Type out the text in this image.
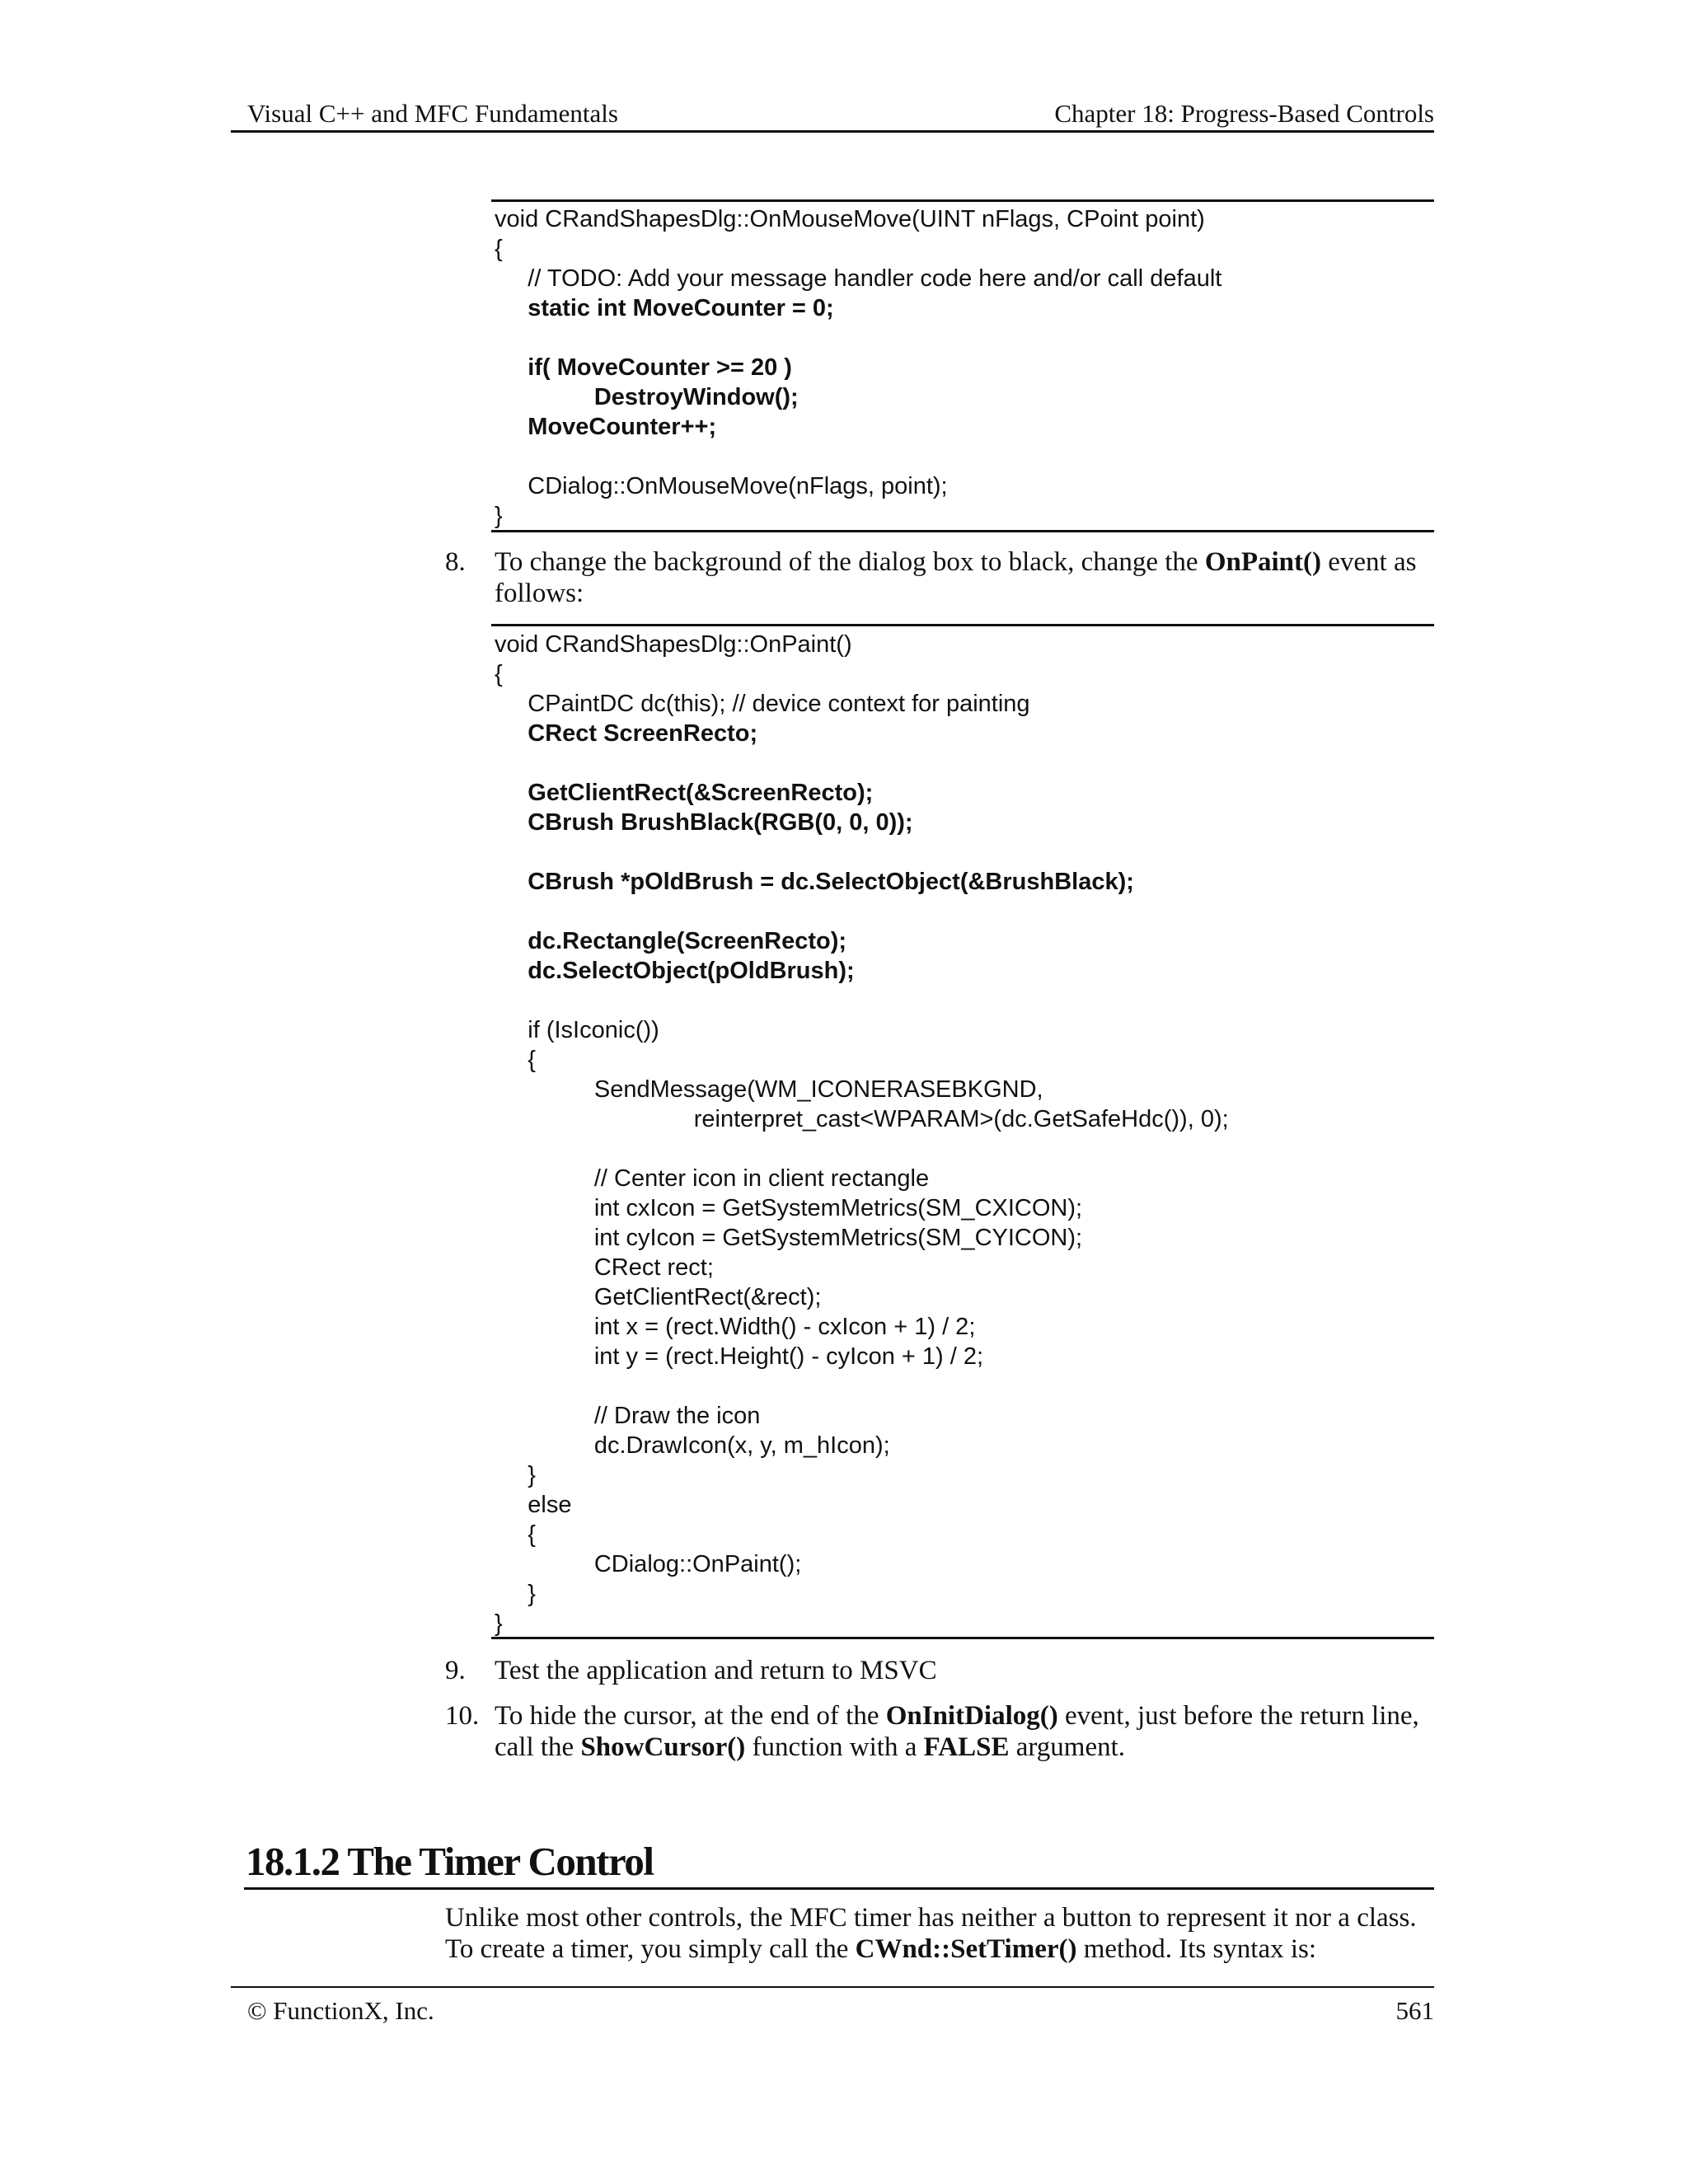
Visual C++ and MFC Fundamentals	Chapter 18: Progress-Based Controls
void CRandShapesDlg::OnMouseMove(UINT nFlags, CPoint point)
{
// TODO: Add your message handler code here and/or call default
static int MoveCounter = 0;

if( MoveCounter >= 20 )
DestroyWindow();
MoveCounter++;

CDialog::OnMouseMove(nFlags, point);
}
8. To change the background of the dialog box to black, change the OnPaint() event as follows:
void CRandShapesDlg::OnPaint()
{
CPaintDC dc(this); // device context for painting
CRect ScreenRecto;

GetClientRect(&ScreenRecto);
CBrush BrushBlack(RGB(0, 0, 0));

CBrush *pOldBrush = dc.SelectObject(&BrushBlack);

dc.Rectangle(ScreenRecto);
dc.SelectObject(pOldBrush);

if (IsIconic())
{
SendMessage(WM_ICONERASEBKGND,
reinterpret_cast<WPARAM>(dc.GetSafeHdc()), 0);

// Center icon in client rectangle
int cxIcon = GetSystemMetrics(SM_CXICON);
int cyIcon = GetSystemMetrics(SM_CYICON);
CRect rect;
GetClientRect(&rect);
int x = (rect.Width() - cxIcon + 1) / 2;
int y = (rect.Height() - cyIcon + 1) / 2;

// Draw the icon
dc.DrawIcon(x, y, m_hIcon);
}
else
{
CDialog::OnPaint();
}
}
9. Test the application and return to MSVC
10. To hide the cursor, at the end of the OnInitDialog() event, just before the return line, call the ShowCursor() function with a FALSE argument.
18.1.2 The Timer Control
Unlike most other controls, the MFC timer has neither a button to represent it nor a class. To create a timer, you simply call the CWnd::SetTimer() method. Its syntax is:
© FunctionX, Inc.	561
